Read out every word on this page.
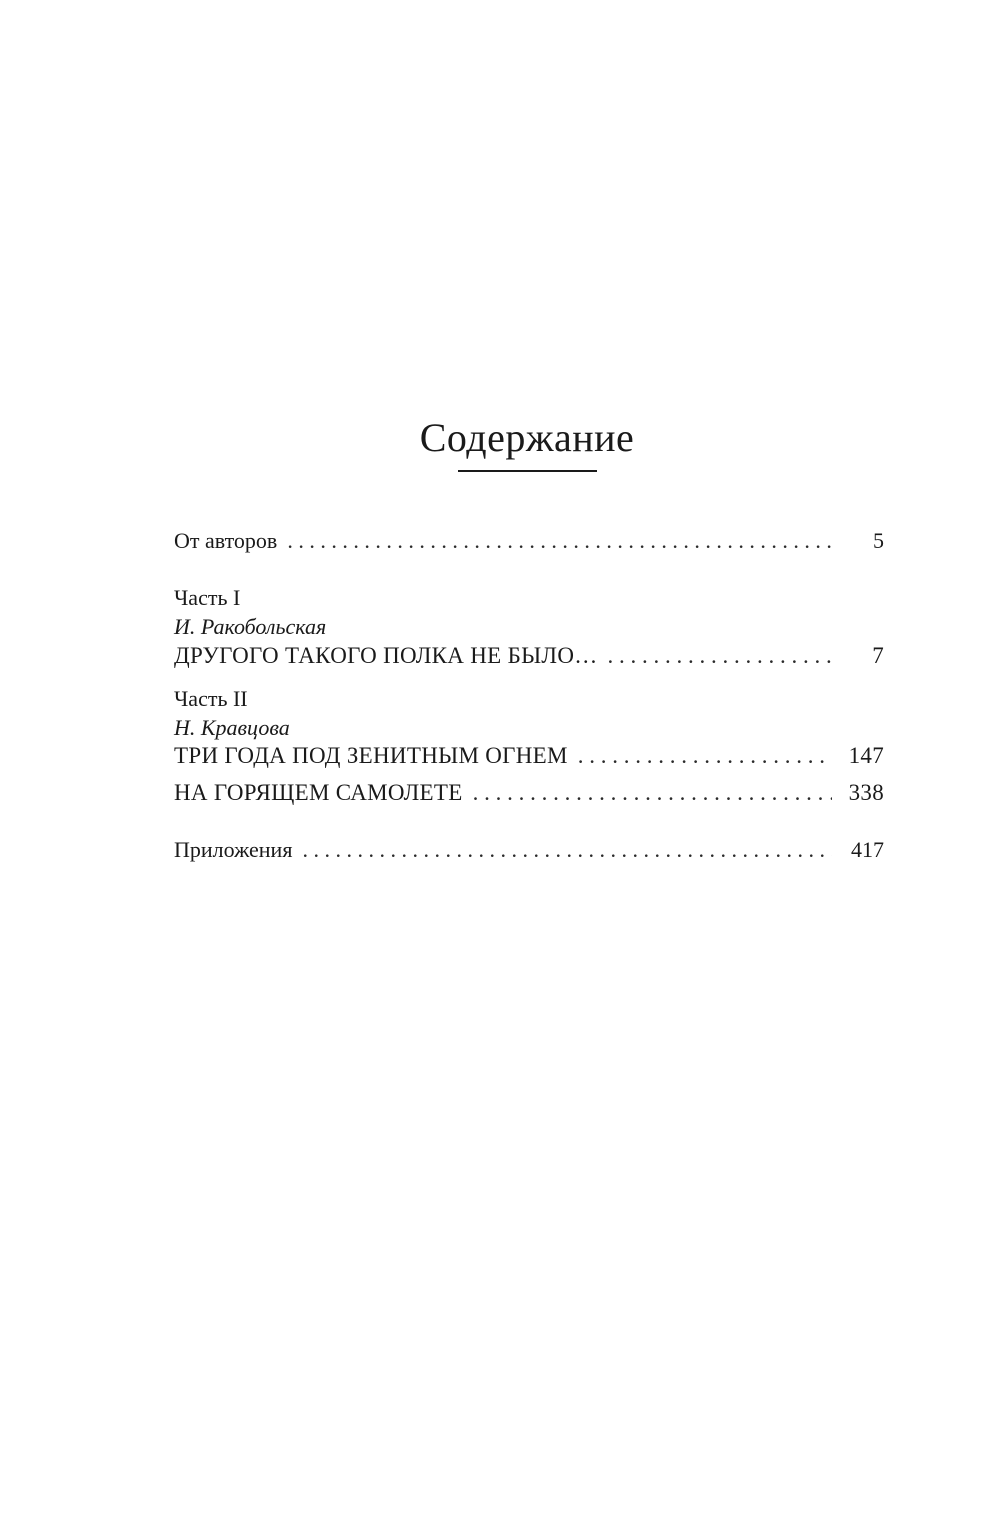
Содержание
От авторов . . .	5
Часть I
И. Ракобольская
ДРУГОГО ТАКОГО ПОЛКА НЕ БЫЛО… . . .	7
Часть II
Н. Кравцова
ТРИ ГОДА ПОД ЗЕНИТНЫМ ОГНЕМ . . .	147
НА ГОРЯЩЕМ САМОЛЕТЕ . . .	338
Приложения . . .	417
